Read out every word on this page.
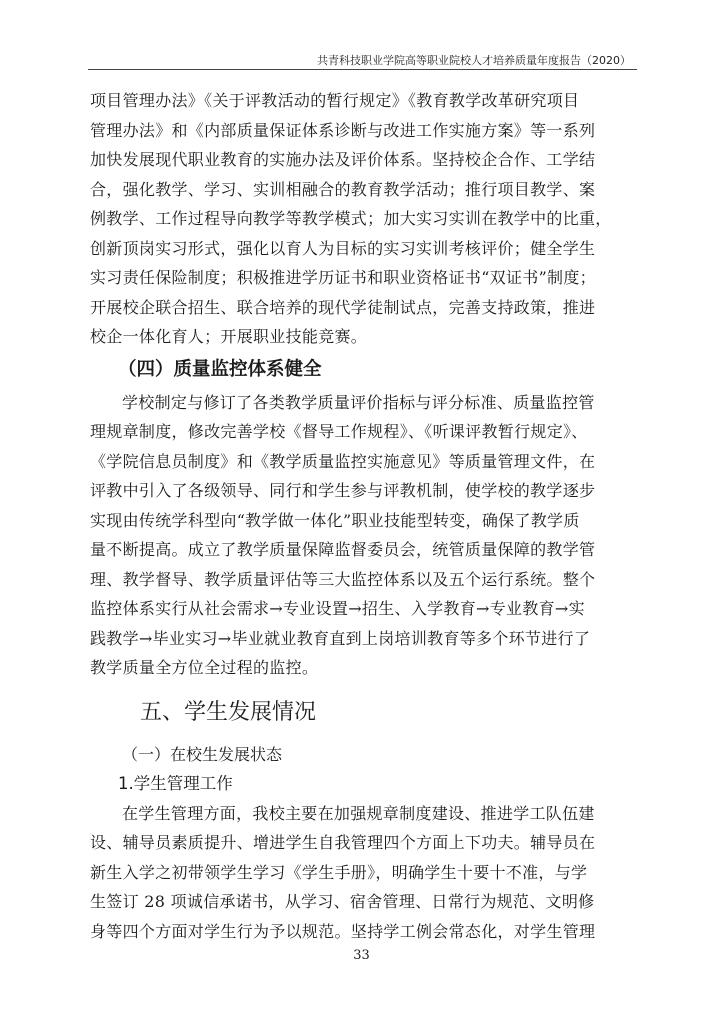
共青科技职业学院高等职业院校人才培养质量年度报告（2020）
项目管理办法》《关于评教活动的暂行规定》《教育教学改革研究项目
管理办法》和《内部质量保证体系诊断与改进工作实施方案》等一系列
加快发展现代职业教育的实施办法及评价体系。坚持校企合作、工学结
合，强化教学、学习、实训相融合的教育教学活动；推行项目教学、案
例教学、工作过程导向教学等教学模式；加大实习实训在教学中的比重，
创新顶岗实习形式，强化以育人为目标的实习实训考核评价；健全学生
实习责任保险制度；积极推进学历证书和职业资格证书“双证书”制度；
开展校企联合招生、联合培养的现代学徒制试点，完善支持政策，推进
校企一体化育人；开展职业技能竞赛。
（四）质量监控体系健全
学校制定与修订了各类教学质量评价指标与评分标准、质量监控管
理规章制度，修改完善学校《督导工作规程》、《听课评教暂行规定》、
《学院信息员制度》和《教学质量监控实施意见》等质量管理文件，在
评教中引入了各级领导、同行和学生参与评教机制，使学校的教学逐步
实现由传统学科型向“教学做一体化”职业技能型转变，确保了教学质
量不断提高。成立了教学质量保障监督委员会，统管质量保障的教学管
理、教学督导、教学质量评估等三大监控体系以及五个运行系统。整个
监控体系实行从社会需求→专业设置→招生、入学教育→专业教育→实
践教学→毕业实习→毕业就业教育直到上岗培训教育等多个环节进行了
教学质量全方位全过程的监控。
五、学生发展情况
（一）在校生发展状态
1.学生管理工作
在学生管理方面，我校主要在加强规章制度建设、推进学工队伍建
设、辅导员素质提升、增进学生自我管理四个方面上下功夫。辅导员在
新生入学之初带领学生学习《学生手册》，明确学生十要十不准，与学
生签订 28 项诚信承诺书，从学习、宿舍管理、日常行为规范、文明修
身等四个方面对学生行为予以规范。坚持学工例会常态化，对学生管理
33
